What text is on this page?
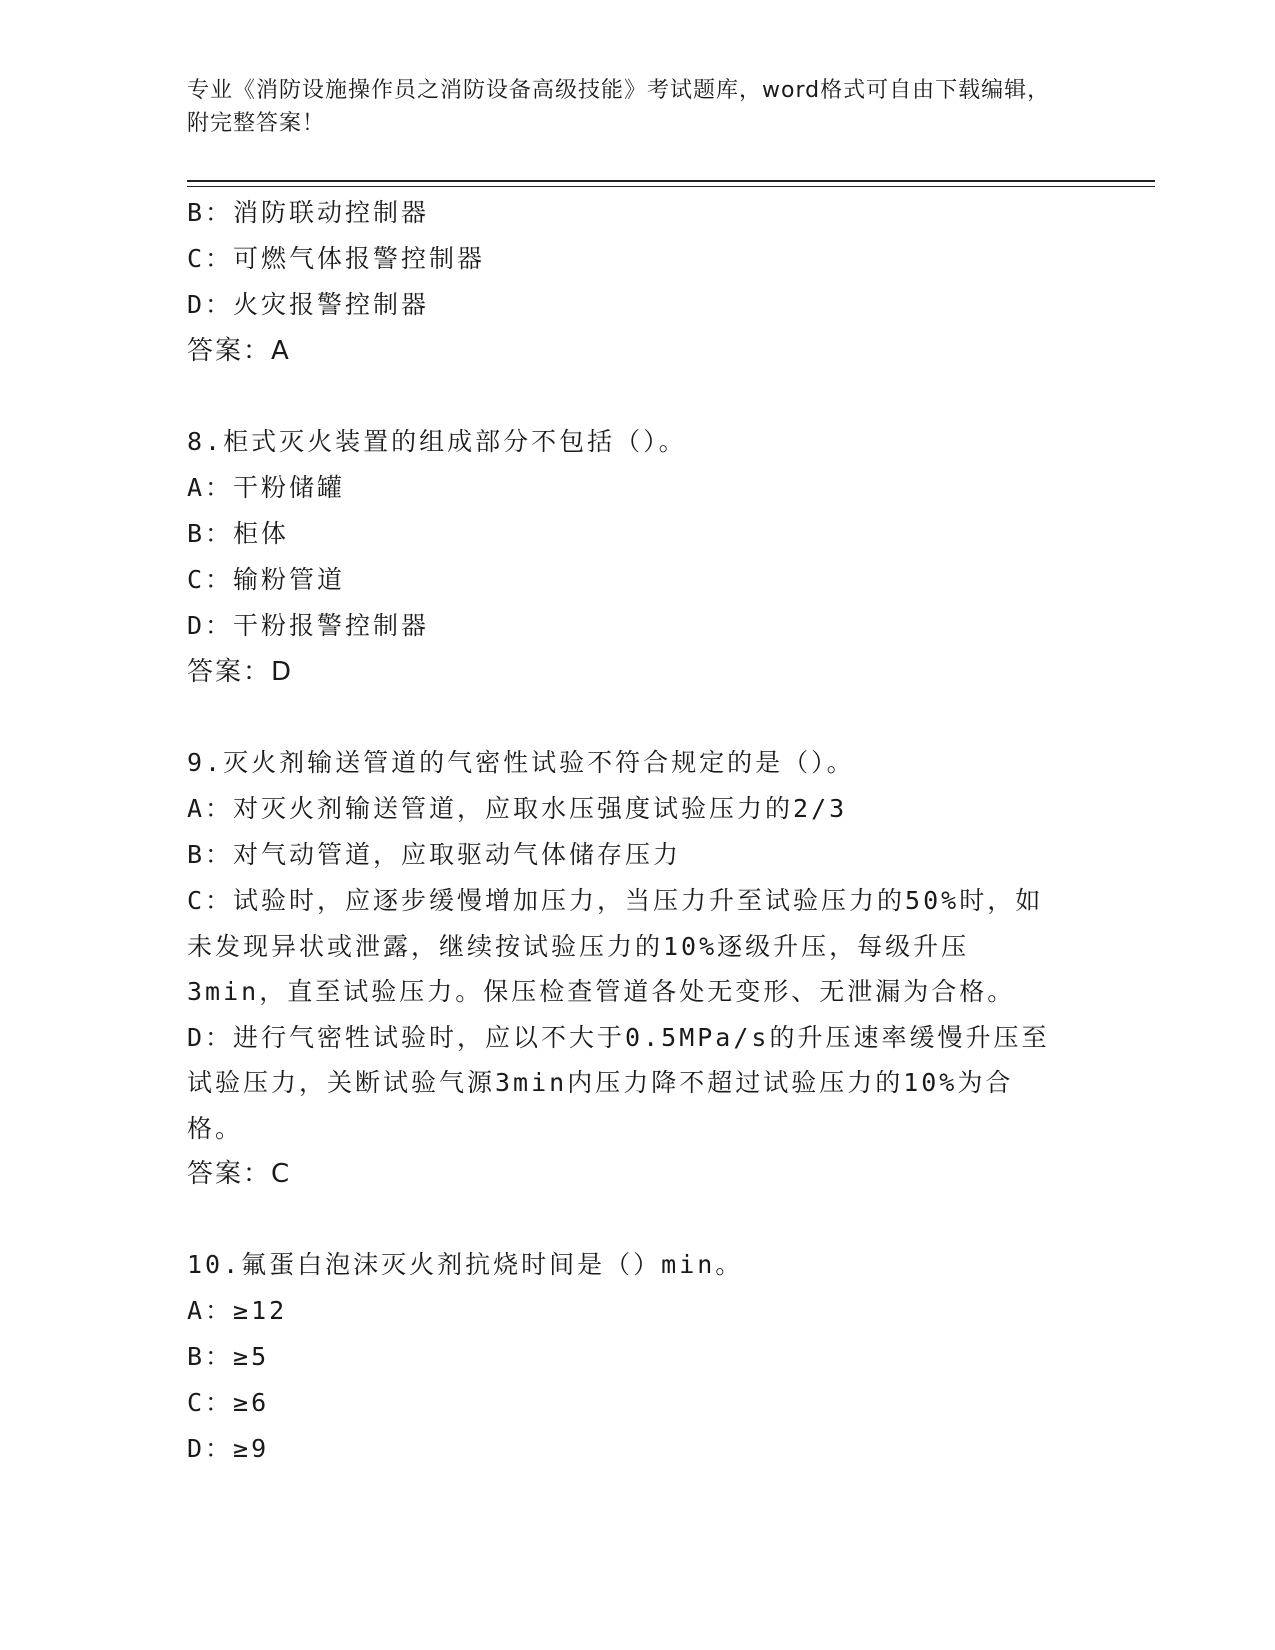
专业《消防设施操作员之消防设备高级技能》考试题库，word格式可自由下载编辑，附完整答案！
B：消防联动控制器
C：可燃气体报警控制器
D：火灾报警控制器
答案：A
8.柜式灭火装置的组成部分不包括（）。
A：干粉储罐
B：柜体
C：输粉管道
D：干粉报警控制器
答案：D
9.灭火剂输送管道的气密性试验不符合规定的是（）。
A：对灭火剂输送管道，应取水压强度试验压力的2/3
B：对气动管道，应取驱动气体储存压力
C：试验时，应逐步缓慢增加压力，当压力升至试验压力的50%时，如未发现异状或泄露，继续按试验压力的10%逐级升压，每级升压3min，直至试验压力。保压检查管道各处无变形、无泄漏为合格。
D：进行气密牲试验时，应以不大于0.5MPa/s的升压速率缓慢升压至试验压力，关断试验气源3min内压力降不超过试验压力的10%为合格。
答案：C
10.氟蛋白泡沫灭火剂抗烧时间是（）min。
A：≥12
B：≥5
C：≥6
D：≥9
